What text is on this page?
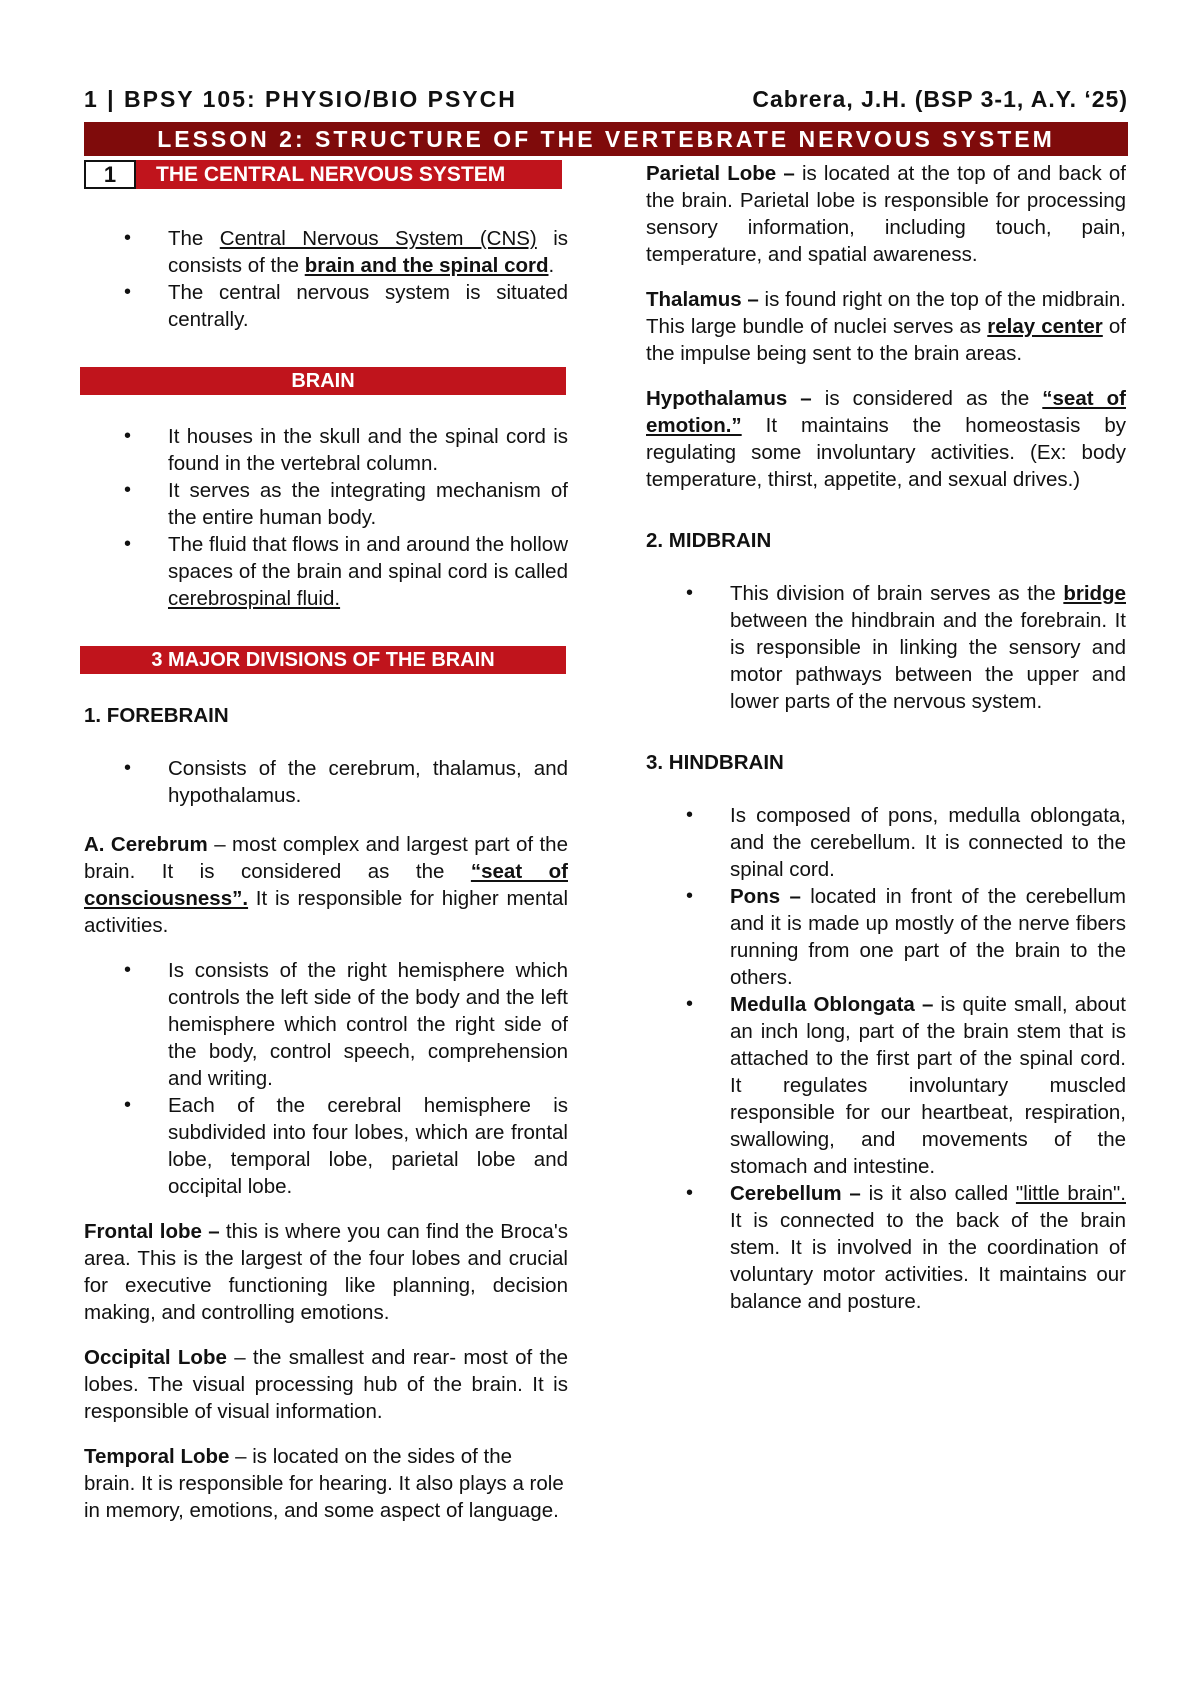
1 | BPSY 105: PHYSIO/BIO PSYCH	Cabrera, J.H. (BSP 3-1, A.Y. ‘25)
LESSON 2: STRUCTURE OF THE VERTEBRATE NERVOUS SYSTEM
1	THE CENTRAL NERVOUS SYSTEM
• The Central Nervous System (CNS) is consists of the brain and the spinal cord.
• The central nervous system is situated centrally.
BRAIN
• It houses in the skull and the spinal cord is found in the vertebral column.
• It serves as the integrating mechanism of the entire human body.
• The fluid that flows in and around the hollow spaces of the brain and spinal cord is called cerebrospinal fluid.
3 MAJOR DIVISIONS OF THE BRAIN
1. FOREBRAIN
• Consists of the cerebrum, thalamus, and hypothalamus.

A. Cerebrum – most complex and largest part of the brain. It is considered as the “seat of consciousness”. It is responsible for higher mental activities.

• Is consists of the right hemisphere which controls the left side of the body and the left hemisphere which control the right side of the body, control speech, comprehension and writing.
• Each of the cerebral hemisphere is subdivided into four lobes, which are frontal lobe, temporal lobe, parietal lobe and occipital lobe.

Frontal lobe – this is where you can find the Broca's area. This is the largest of the four lobes and crucial for executive functioning like planning, decision making, and controlling emotions.

Occipital Lobe – the smallest and rear- most of the lobes. The visual processing hub of the brain. It is responsible of visual information.

Temporal Lobe – is located on the sides of the brain. It is responsible for hearing. It also plays a role in memory, emotions, and some aspect of language.

Parietal Lobe – is located at the top of and back of the brain. Parietal lobe is responsible for processing sensory information, including touch, pain, temperature, and spatial awareness.

Thalamus – is found right on the top of the midbrain. This large bundle of nuclei serves as relay center of the impulse being sent to the brain areas.

Hypothalamus – is considered as the “seat of emotion.” It maintains the homeostasis by regulating some involuntary activities. (Ex: body temperature, thirst, appetite, and sexual drives.)

2. MIDBRAIN
• This division of brain serves as the bridge between the hindbrain and the forebrain. It is responsible in linking the sensory and motor pathways between the upper and lower parts of the nervous system.
3. HINDBRAIN
• Is composed of pons, medulla oblongata, and the cerebellum. It is connected to the spinal cord.
• Pons – located in front of the cerebellum and it is made up mostly of the nerve fibers running from one part of the brain to the others.
• Medulla Oblongata – is quite small, about an inch long, part of the brain stem that is attached to the first part of the spinal cord. It regulates involuntary muscled responsible for our heartbeat, respiration, swallowing, and movements of the stomach and intestine.
• Cerebellum – is it also called "little brain". It is connected to the back of the brain stem. It is involved in the coordination of voluntary motor activities. It maintains our balance and posture.
